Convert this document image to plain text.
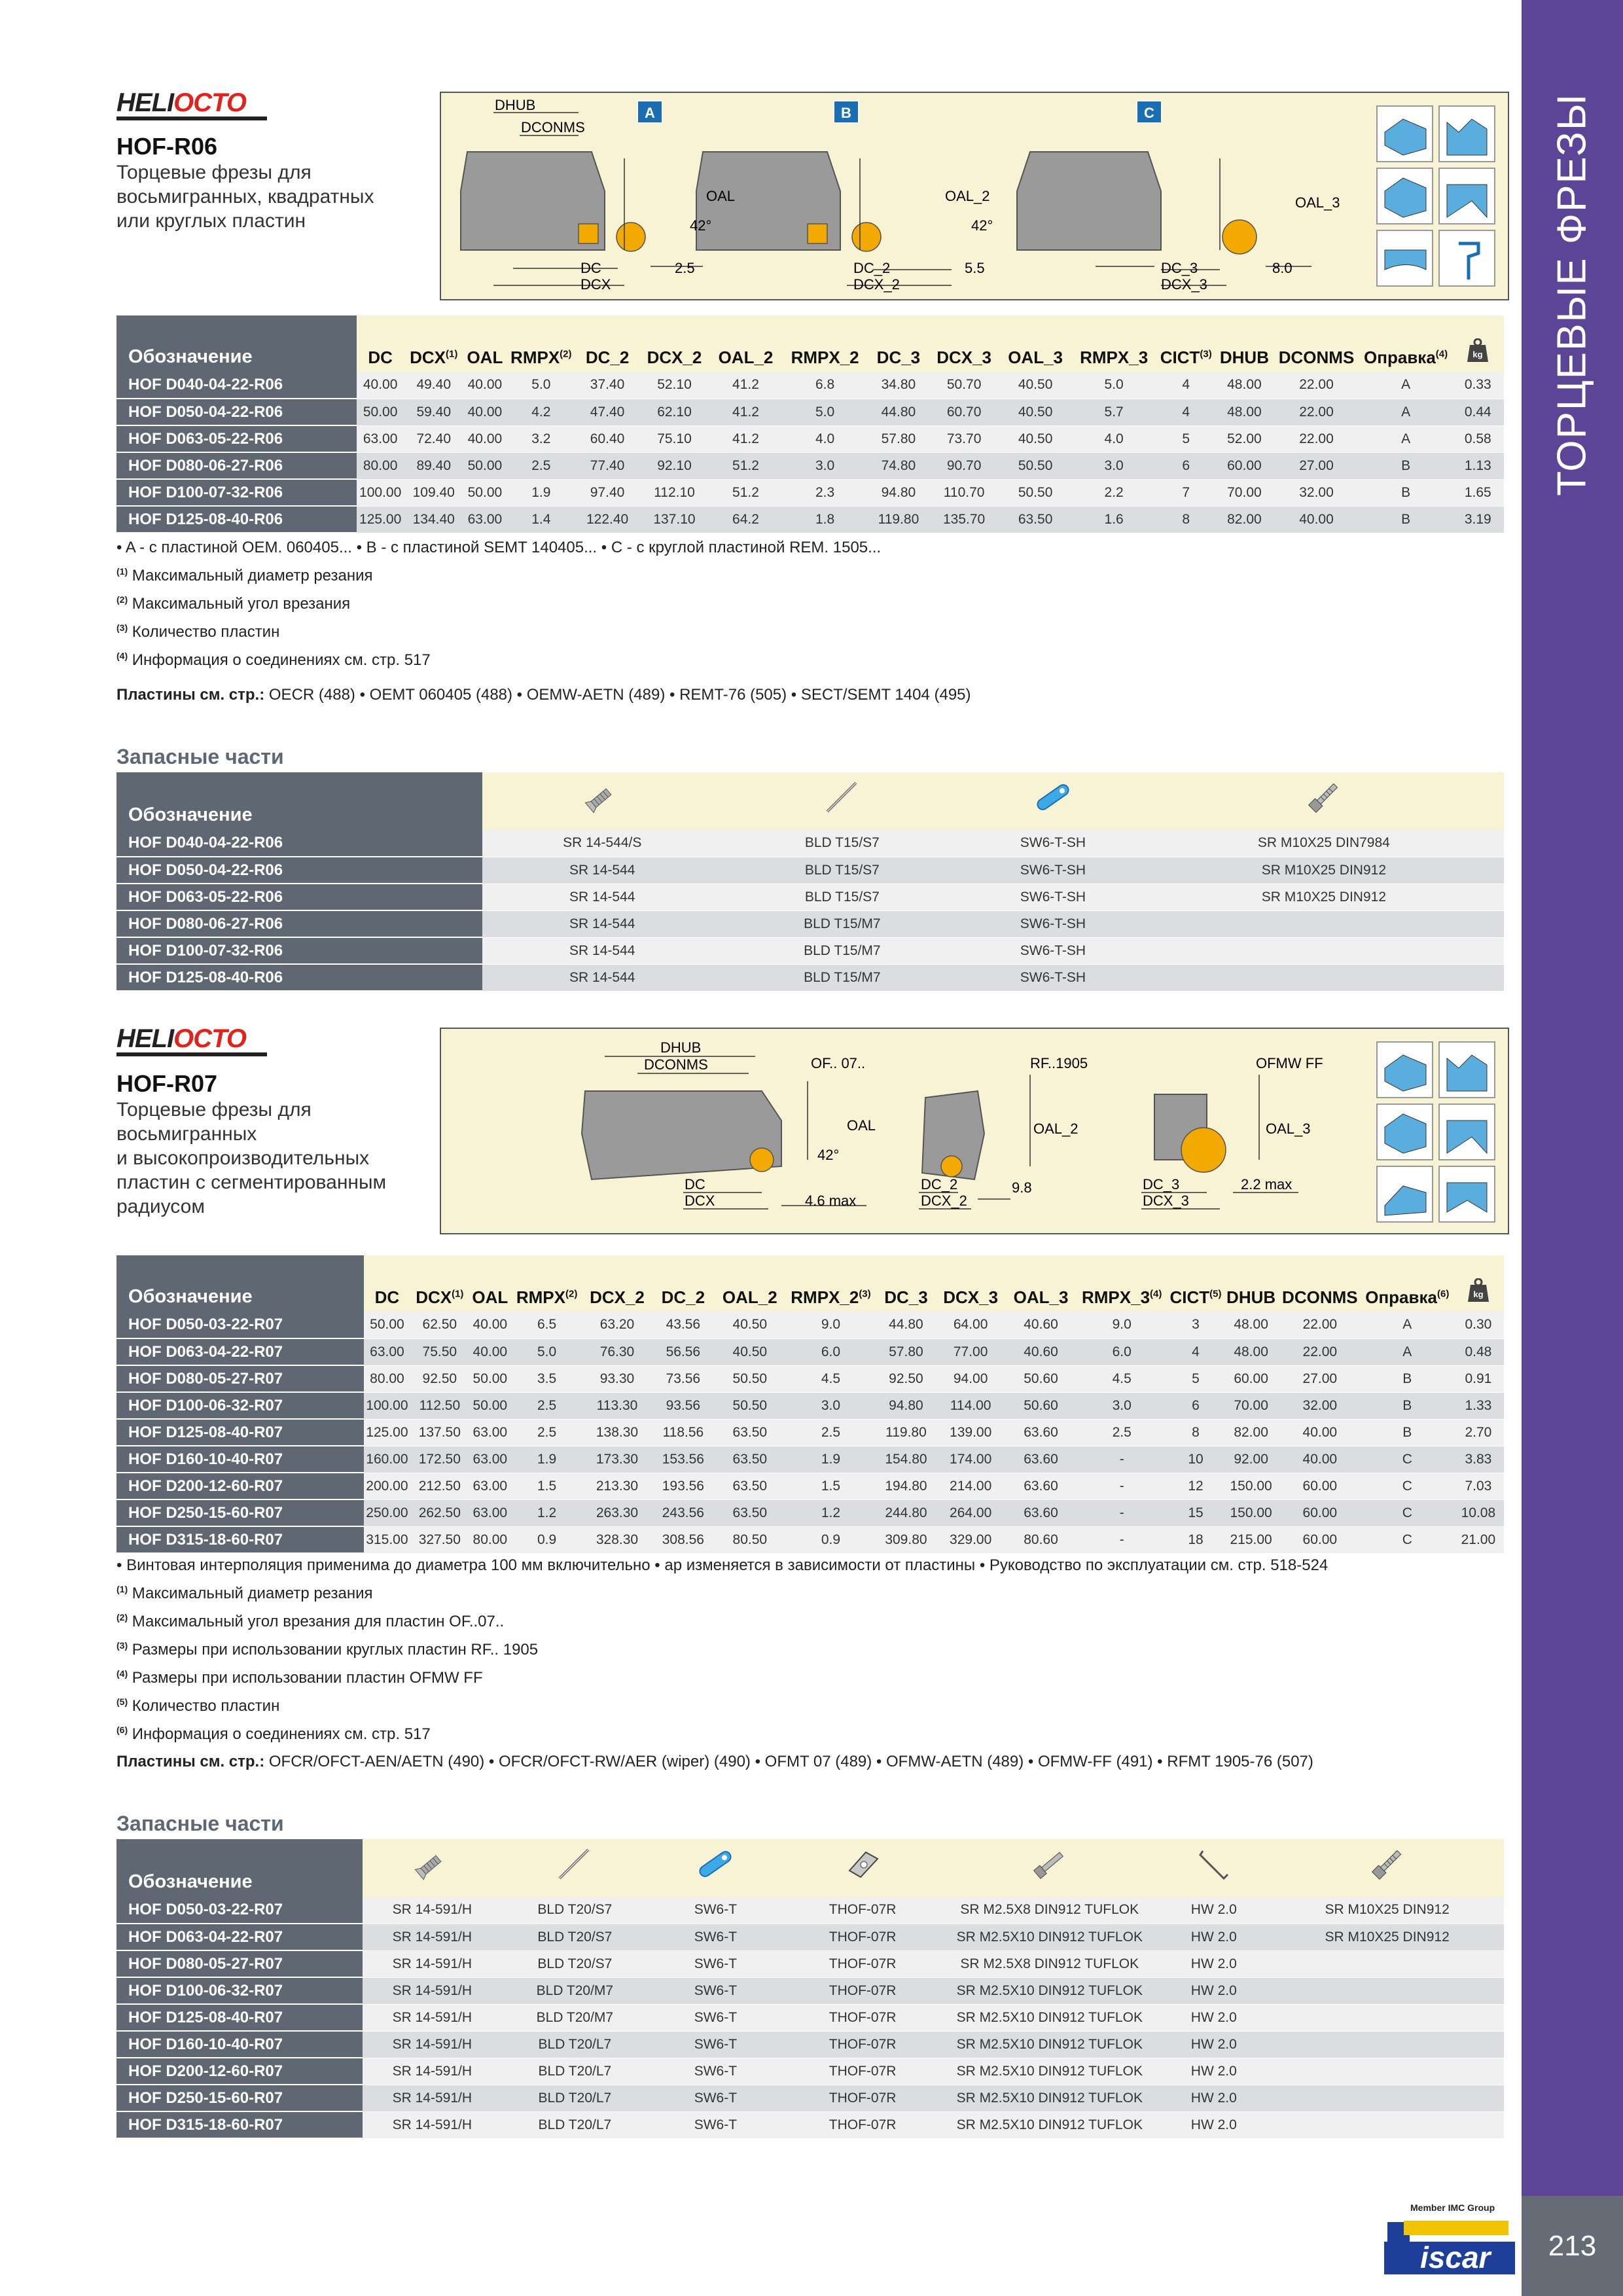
ТОРЦЕВЫЕ ФРЕЗЫ
213
iscar
Member IMC Group
HELIOCTO
HOF-R06
Торцевые фрезы для
восьмигранных, квадратных
или круглых пластин
A	B	C
DHUB
DCONMS
OAL
42°
DC
DCX
2.5
OAL_2
42°
DC_2
DCX_2
5.5
OAL_3
DC_3
DCX_3
8.0
Обозначение	DC	DCX$^{(1)}$	OAL	RMPX$^{(2)}$	DC_2	DCX_2	OAL_2	RMPX_2	DC_3	DCX_3	OAL_3	RMPX_3	CICT$^{(3)}$	DHUB	DCONMS	Оправка$^{(4)}$	kg

HOF D040-04-22-R06	40.00	49.40	40.00	5.0	37.40	52.10	41.2	6.8	34.80	50.70	40.50	5.0	4	48.00	22.00	A	0.33
HOF D050-04-22-R06	50.00	59.40	40.00	4.2	47.40	62.10	41.2	5.0	44.80	60.70	40.50	5.7	4	48.00	22.00	A	0.44
HOF D063-05-22-R06	63.00	72.40	40.00	3.2	60.40	75.10	41.2	4.0	57.80	73.70	40.50	4.0	5	52.00	22.00	A	0.58
HOF D080-06-27-R06	80.00	89.40	50.00	2.5	77.40	92.10	51.2	3.0	74.80	90.70	50.50	3.0	6	60.00	27.00	B	1.13
HOF D100-07-32-R06	100.00	109.40	50.00	1.9	97.40	112.10	51.2	2.3	94.80	110.70	50.50	2.2	7	70.00	32.00	B	1.65
HOF D125-08-40-R06	125.00	134.40	63.00	1.4	122.40	137.10	64.2	1.8	119.80	135.70	63.50	1.6	8	82.00	40.00	B	3.19
• A - с пластиной OEM. 060405... • B - с пластиной SEMT 140405... • C - с круглой пластиной REM. 1505...
$^{(1)}$ Максимальный диаметр резания
$^{(2)}$ Максимальный угол врезания
$^{(3)}$ Количество пластин
$^{(4)}$ Информация о соединениях см. стр. 517
Пластины см. стр.: OECR (488) • OEMT 060405 (488) • OEMW-AETN (489) • REMT-76 (505) • SECT/SEMT 1404 (495)
Запасные части
Обозначение				
HOF D040-04-22-R06	SR 14-544/S	BLD T15/S7	SW6-T-SH	SR M10X25 DIN7984
HOF D050-04-22-R06	SR 14-544	BLD T15/S7	SW6-T-SH	SR M10X25 DIN912
HOF D063-05-22-R06	SR 14-544	BLD T15/S7	SW6-T-SH	SR M10X25 DIN912
HOF D080-06-27-R06	SR 14-544	BLD T15/M7	SW6-T-SH	
HOF D100-07-32-R06	SR 14-544	BLD T15/M7	SW6-T-SH	
HOF D125-08-40-R06	SR 14-544	BLD T15/M7	SW6-T-SH	
HELIOCTO
HOF-R07
Торцевые фрезы для
восьмигранных
и высокопроизводительных
пластин с сегментированным
радиусом
DHUB
DCONMS	OF.. 07..
OAL
42°
DC
DCX	4.6 max
RF..1905
OAL_2
DC_2
DCX_2
9.8
OFMW FF
OAL_3
DC_3
DCX_3
2.2 max
Обозначение	DC	DCX$^{(1)}$	OAL	RMPX$^{(2)}$	DCX_2	DC_2	OAL_2	RMPX_2$^{(3)}$	DC_3	DCX_3	OAL_3	RMPX_3$^{(4)}$	CICT$^{(5)}$	DHUB	DCONMS	Оправка$^{(6)}$	kg

HOF D050-03-22-R07	50.00	62.50	40.00	6.5	63.20	43.56	40.50	9.0	44.80	64.00	40.60	9.0	3	48.00	22.00	A	0.30
HOF D063-04-22-R07	63.00	75.50	40.00	5.0	76.30	56.56	40.50	6.0	57.80	77.00	40.60	6.0	4	48.00	22.00	A	0.48
HOF D080-05-27-R07	80.00	92.50	50.00	3.5	93.30	73.56	50.50	4.5	92.50	94.00	50.60	4.5	5	60.00	27.00	B	0.91
HOF D100-06-32-R07	100.00	112.50	50.00	2.5	113.30	93.56	50.50	3.0	94.80	114.00	50.60	3.0	6	70.00	32.00	B	1.33
HOF D125-08-40-R07	125.00	137.50	63.00	2.5	138.30	118.56	63.50	2.5	119.80	139.00	63.60	2.5	8	82.00	40.00	B	2.70
HOF D160-10-40-R07	160.00	172.50	63.00	1.9	173.30	153.56	63.50	1.9	154.80	174.00	63.60	-	10	92.00	40.00	C	3.83
HOF D200-12-60-R07	200.00	212.50	63.00	1.5	213.30	193.56	63.50	1.5	194.80	214.00	63.60	-	12	150.00	60.00	C	7.03
HOF D250-15-60-R07	250.00	262.50	63.00	1.2	263.30	243.56	63.50	1.2	244.80	264.00	63.60	-	15	150.00	60.00	C	10.08
HOF D315-18-60-R07	315.00	327.50	80.00	0.9	328.30	308.56	80.50	0.9	309.80	329.00	80.60	-	18	215.00	60.00	C	21.00
• Винтовая интерполяция применима до диаметра 100 мм включительно • ap изменяется в зависимости от пластины • Руководство по эксплуатации см. стр. 518-524
$^{(1)}$ Максимальный диаметр резания
$^{(2)}$ Максимальный угол врезания для пластин OF..07..
$^{(3)}$ Размеры при использовании круглых пластин RF.. 1905
$^{(4)}$ Размеры при использовании пластин OFMW FF
$^{(5)}$ Количество пластин
$^{(6)}$ Информация о соединениях см. стр. 517
Пластины см. стр.: OFCR/OFCT-AEN/AETN (490) • OFCR/OFCT-RW/AER (wiper) (490) • OFMT 07 (489) • OFMW-AETN (489) • OFMW-FF (491) • RFMT 1905-76 (507)
Запасные части
Обозначение							
HOF D050-03-22-R07	SR 14-591/H	BLD T20/S7	SW6-T	THOF-07R	SR M2.5X8 DIN912 TUFLOK	HW 2.0	SR M10X25 DIN912
HOF D063-04-22-R07	SR 14-591/H	BLD T20/S7	SW6-T	THOF-07R	SR M2.5X10 DIN912 TUFLOK	HW 2.0	SR M10X25 DIN912
HOF D080-05-27-R07	SR 14-591/H	BLD T20/S7	SW6-T	THOF-07R	SR M2.5X8 DIN912 TUFLOK	HW 2.0	
HOF D100-06-32-R07	SR 14-591/H	BLD T20/M7	SW6-T	THOF-07R	SR M2.5X10 DIN912 TUFLOK	HW 2.0	
HOF D125-08-40-R07	SR 14-591/H	BLD T20/M7	SW6-T	THOF-07R	SR M2.5X10 DIN912 TUFLOK	HW 2.0	
HOF D160-10-40-R07	SR 14-591/H	BLD T20/L7	SW6-T	THOF-07R	SR M2.5X10 DIN912 TUFLOK	HW 2.0	
HOF D200-12-60-R07	SR 14-591/H	BLD T20/L7	SW6-T	THOF-07R	SR M2.5X10 DIN912 TUFLOK	HW 2.0	
HOF D250-15-60-R07	SR 14-591/H	BLD T20/L7	SW6-T	THOF-07R	SR M2.5X10 DIN912 TUFLOK	HW 2.0	
HOF D315-18-60-R07	SR 14-591/H	BLD T20/L7	SW6-T	THOF-07R	SR M2.5X10 DIN912 TUFLOK	HW 2.0	
